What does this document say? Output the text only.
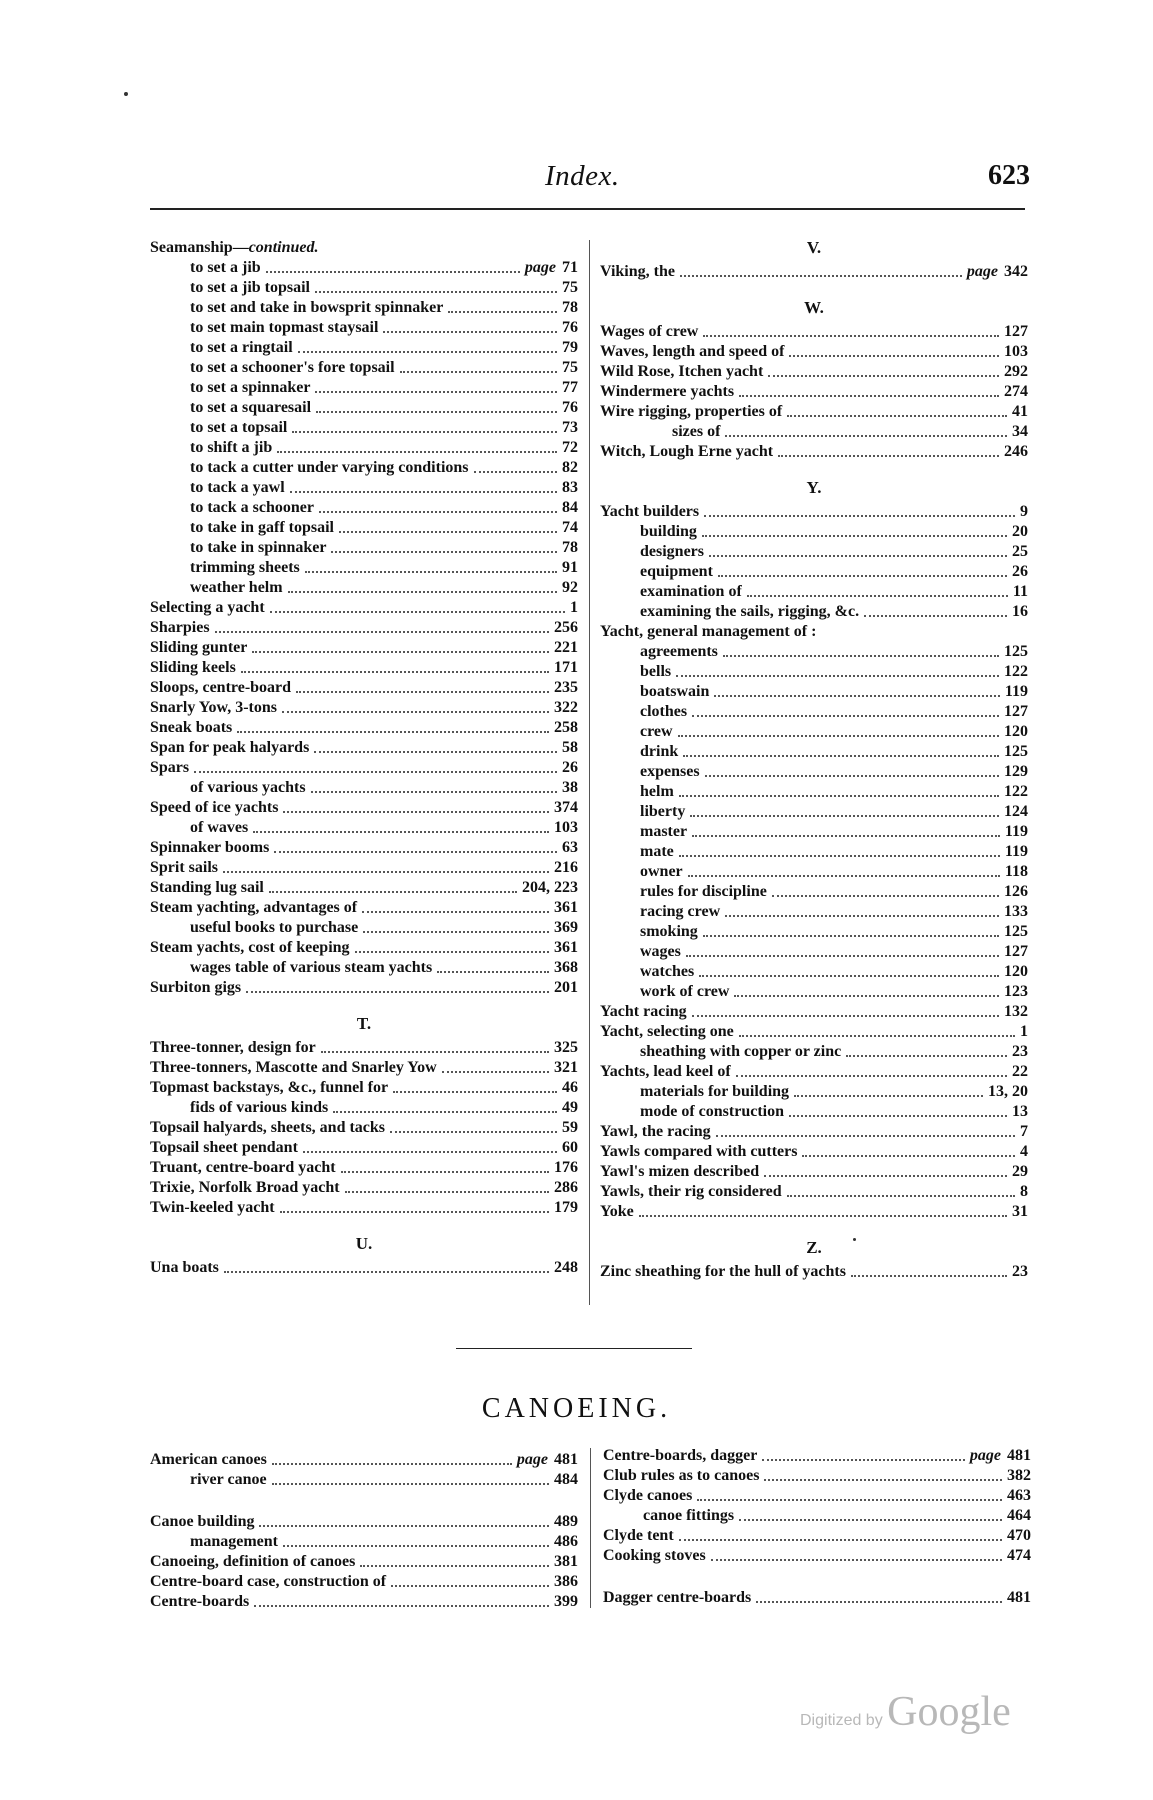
Index.	623
Seamanship— continued.
to set a jib	page 71
to set a jib topsail	75
to set and take in bowsprit spinnaker	78
to set main topmast staysail	76
to set a ringtail	79
to set a schooner's fore topsail	75
to set a spinnaker	77
to set a squaresail	76
to set a topsail	73
to shift a jib	72
to tack a cutter under varying conditions	82
to tack a yawl	83
to tack a schooner	84
to take in gaff topsail	74
to take in spinnaker	78
trimming sheets	91
weather helm	92
Selecting a yacht	1
Sharpies	256
Sliding gunter	221
Sliding keels	171
Sloops, centre-board	235
Snarly Yow, 3-tons	322
Sneak boats	258
Span for peak halyards	58
Spars	26
of various yachts	38
Speed of ice yachts	374
of waves	103
Spinnaker booms	63
Sprit sails	216
Standing lug sail	204, 223
Steam yachting, advantages of	361
useful books to purchase	369
Steam yachts, cost of keeping	361
wages table of various steam yachts	368
Surbiton gigs	201
T.
Three-tonner, design for	325
Three-tonners, Mascotte and Snarley Yow	321
Topmast backstays, &c., funnel for	46
fids of various kinds	49
Topsail halyards, sheets, and tacks	59
Topsail sheet pendant	60
Truant, centre-board yacht	176
Trixie, Norfolk Broad yacht	286
Twin-keeled yacht	179
U.
Una boats	248
V.
Viking, the	page 342
W.
Wages of crew	127
Waves, length and speed of	103
Wild Rose, Itchen yacht	292
Windermere yachts	274
Wire rigging, properties of	41
sizes of	34
Witch, Lough Erne yacht	246
Y.
Yacht builders	9
building	20
designers	25
equipment	26
examination of	11
examining the sails, rigging, &c.	16
Yacht, general management of :
agreements	125
bells	122
boatswain	119
clothes	127
crew	120
drink	125
expenses	129
helm	122
liberty	124
master	119
mate	119
owner	118
rules for discipline	126
racing crew	133
smoking	125
wages	127
watches	120
work of crew	123
Yacht racing	132
Yacht, selecting one	1
sheathing with copper or zinc	23
Yachts, lead keel of	22
materials for building	13, 20
mode of construction	13
Yawl, the racing	7
Yawls compared with cutters	4
Yawl's mizen described	29
Yawls, their rig considered	8
Yoke	31
Z.
Zinc sheathing for the hull of yachts	23
CANOEING.
American canoes	page 481
river canoe	484
Canoe building	489
management	486
Canoeing, definition of canoes	381
Centre-board case, construction of	386
Centre-boards	399
Centre-boards, dagger	page 481
Club rules as to canoes	382
Clyde canoes	463
canoe fittings	464
Clyde tent	470
Cooking stoves	474
Dagger centre-boards	481
Digitized by Google
